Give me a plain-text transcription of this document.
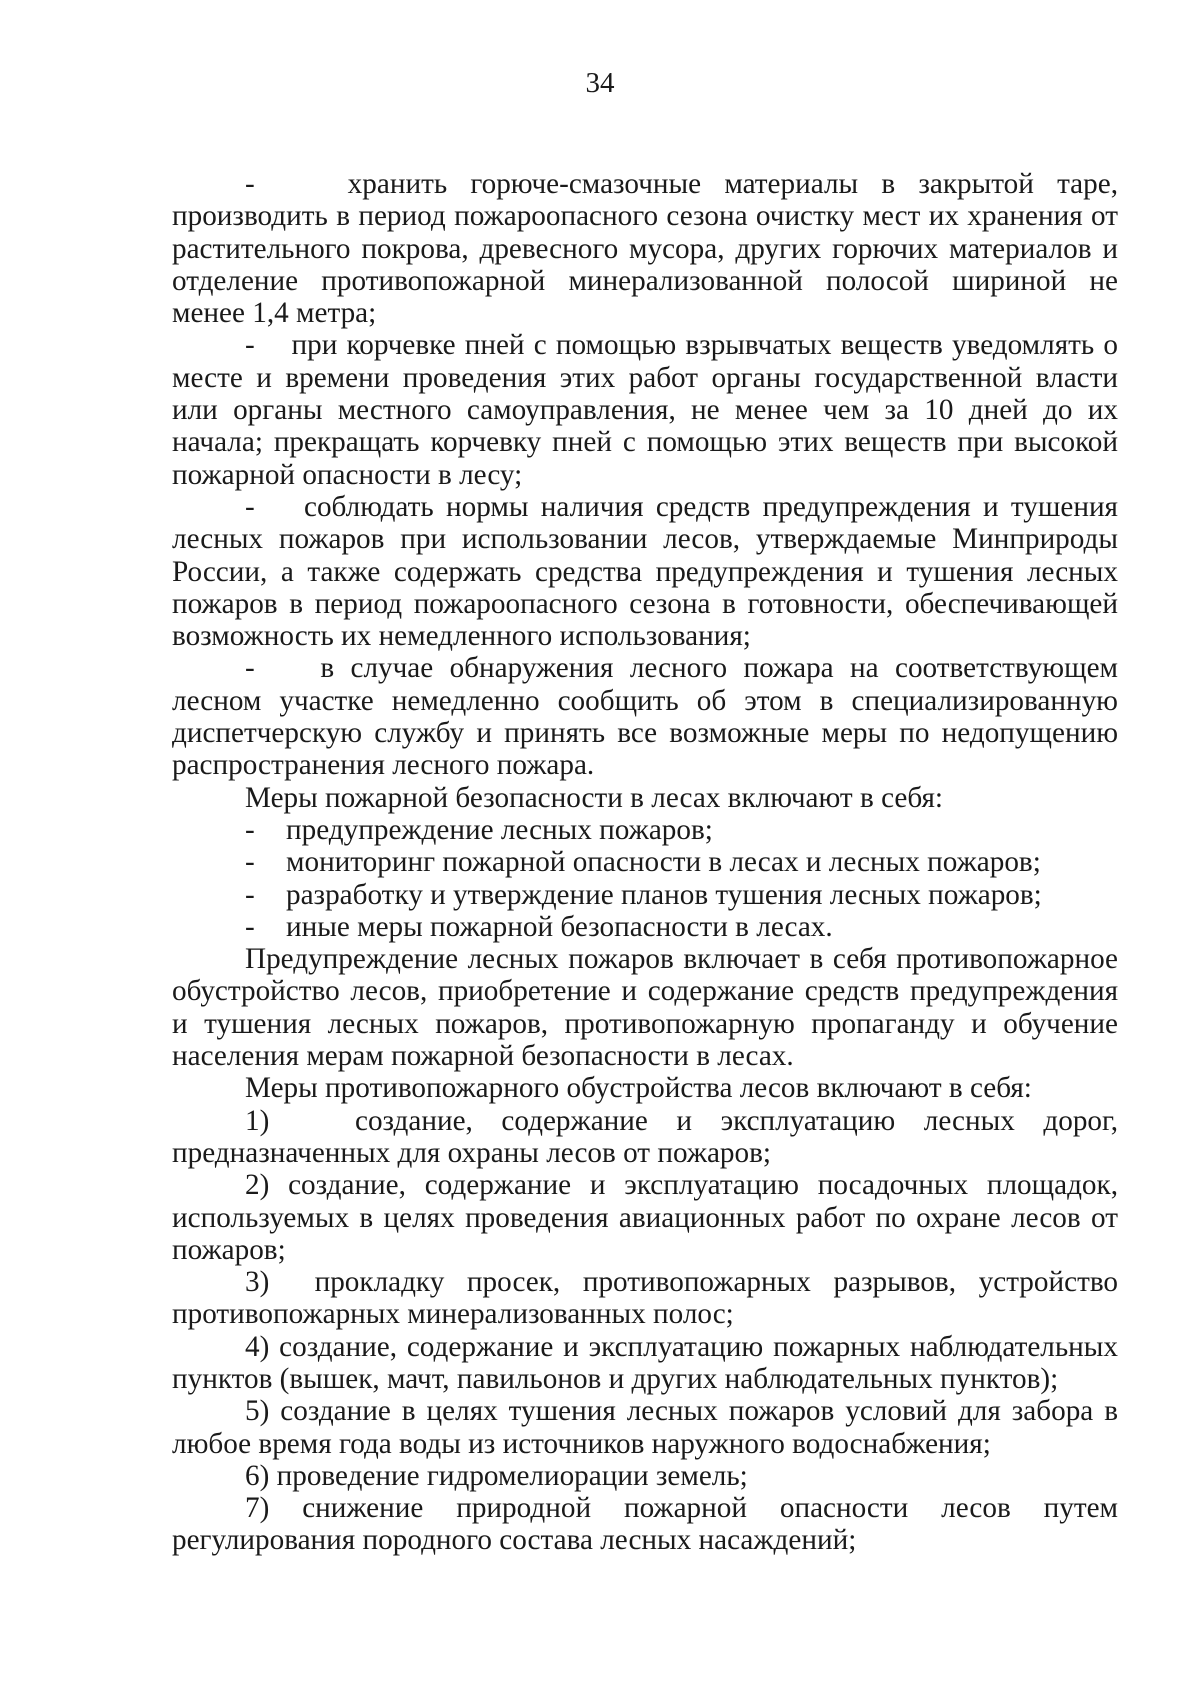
34

-    хранить горюче-смазочные материалы в закрытой таре, производить в период пожароопасного сезона очистку мест их хранения от растительного покрова, древесного мусора, других горючих материалов и отделение противопожарной минерализованной полосой шириной не менее 1,4 метра;

-    при корчевке пней с помощью взрывчатых веществ уведомлять о месте и времени проведения этих работ органы государственной власти или органы местного самоуправления, не менее чем за 10 дней до их начала; прекращать корчевку пней с помощью этих веществ при высокой пожарной опасности в лесу;

-    соблюдать нормы наличия средств предупреждения и тушения лесных пожаров при использовании лесов, утверждаемые Минприроды России, а также содержать средства предупреждения и тушения лесных пожаров в период пожароопасного сезона в готовности, обеспечивающей возможность их немедленного использования;

-    в случае обнаружения лесного пожара на соответствующем лесном участке немедленно сообщить об этом в специализированную диспетчерскую службу и принять все возможные меры по недопущению распространения лесного пожара.

Меры пожарной безопасности в лесах включают в себя:

-	предупреждение лесных пожаров;
-	мониторинг пожарной опасности в лесах и лесных пожаров;
-	разработку и утверждение планов тушения лесных пожаров;
-	иные меры пожарной безопасности в лесах.

Предупреждение лесных пожаров включает в себя противопожарное обустройство лесов, приобретение и содержание средств предупреждения и тушения лесных пожаров, противопожарную пропаганду и обучение населения мерам пожарной безопасности в лесах.

Меры противопожарного обустройства лесов включают в себя:

1)   создание, содержание и эксплуатацию лесных дорог, предназначенных для охраны лесов от пожаров;

2) создание, содержание и эксплуатацию посадочных площадок, используемых в целях проведения авиационных работ по охране лесов от пожаров;

3)  прокладку просек, противопожарных разрывов, устройство противопожарных минерализованных полос;

4) создание, содержание и эксплуатацию пожарных наблюдательных пунктов (вышек, мачт, павильонов и других наблюдательных пунктов);

5) создание в целях тушения лесных пожаров условий для забора в любое время года воды из источников наружного водоснабжения;

6) проведение гидромелиорации земель;

7) снижение природной пожарной опасности лесов путем регулирования породного состава лесных насаждений;
